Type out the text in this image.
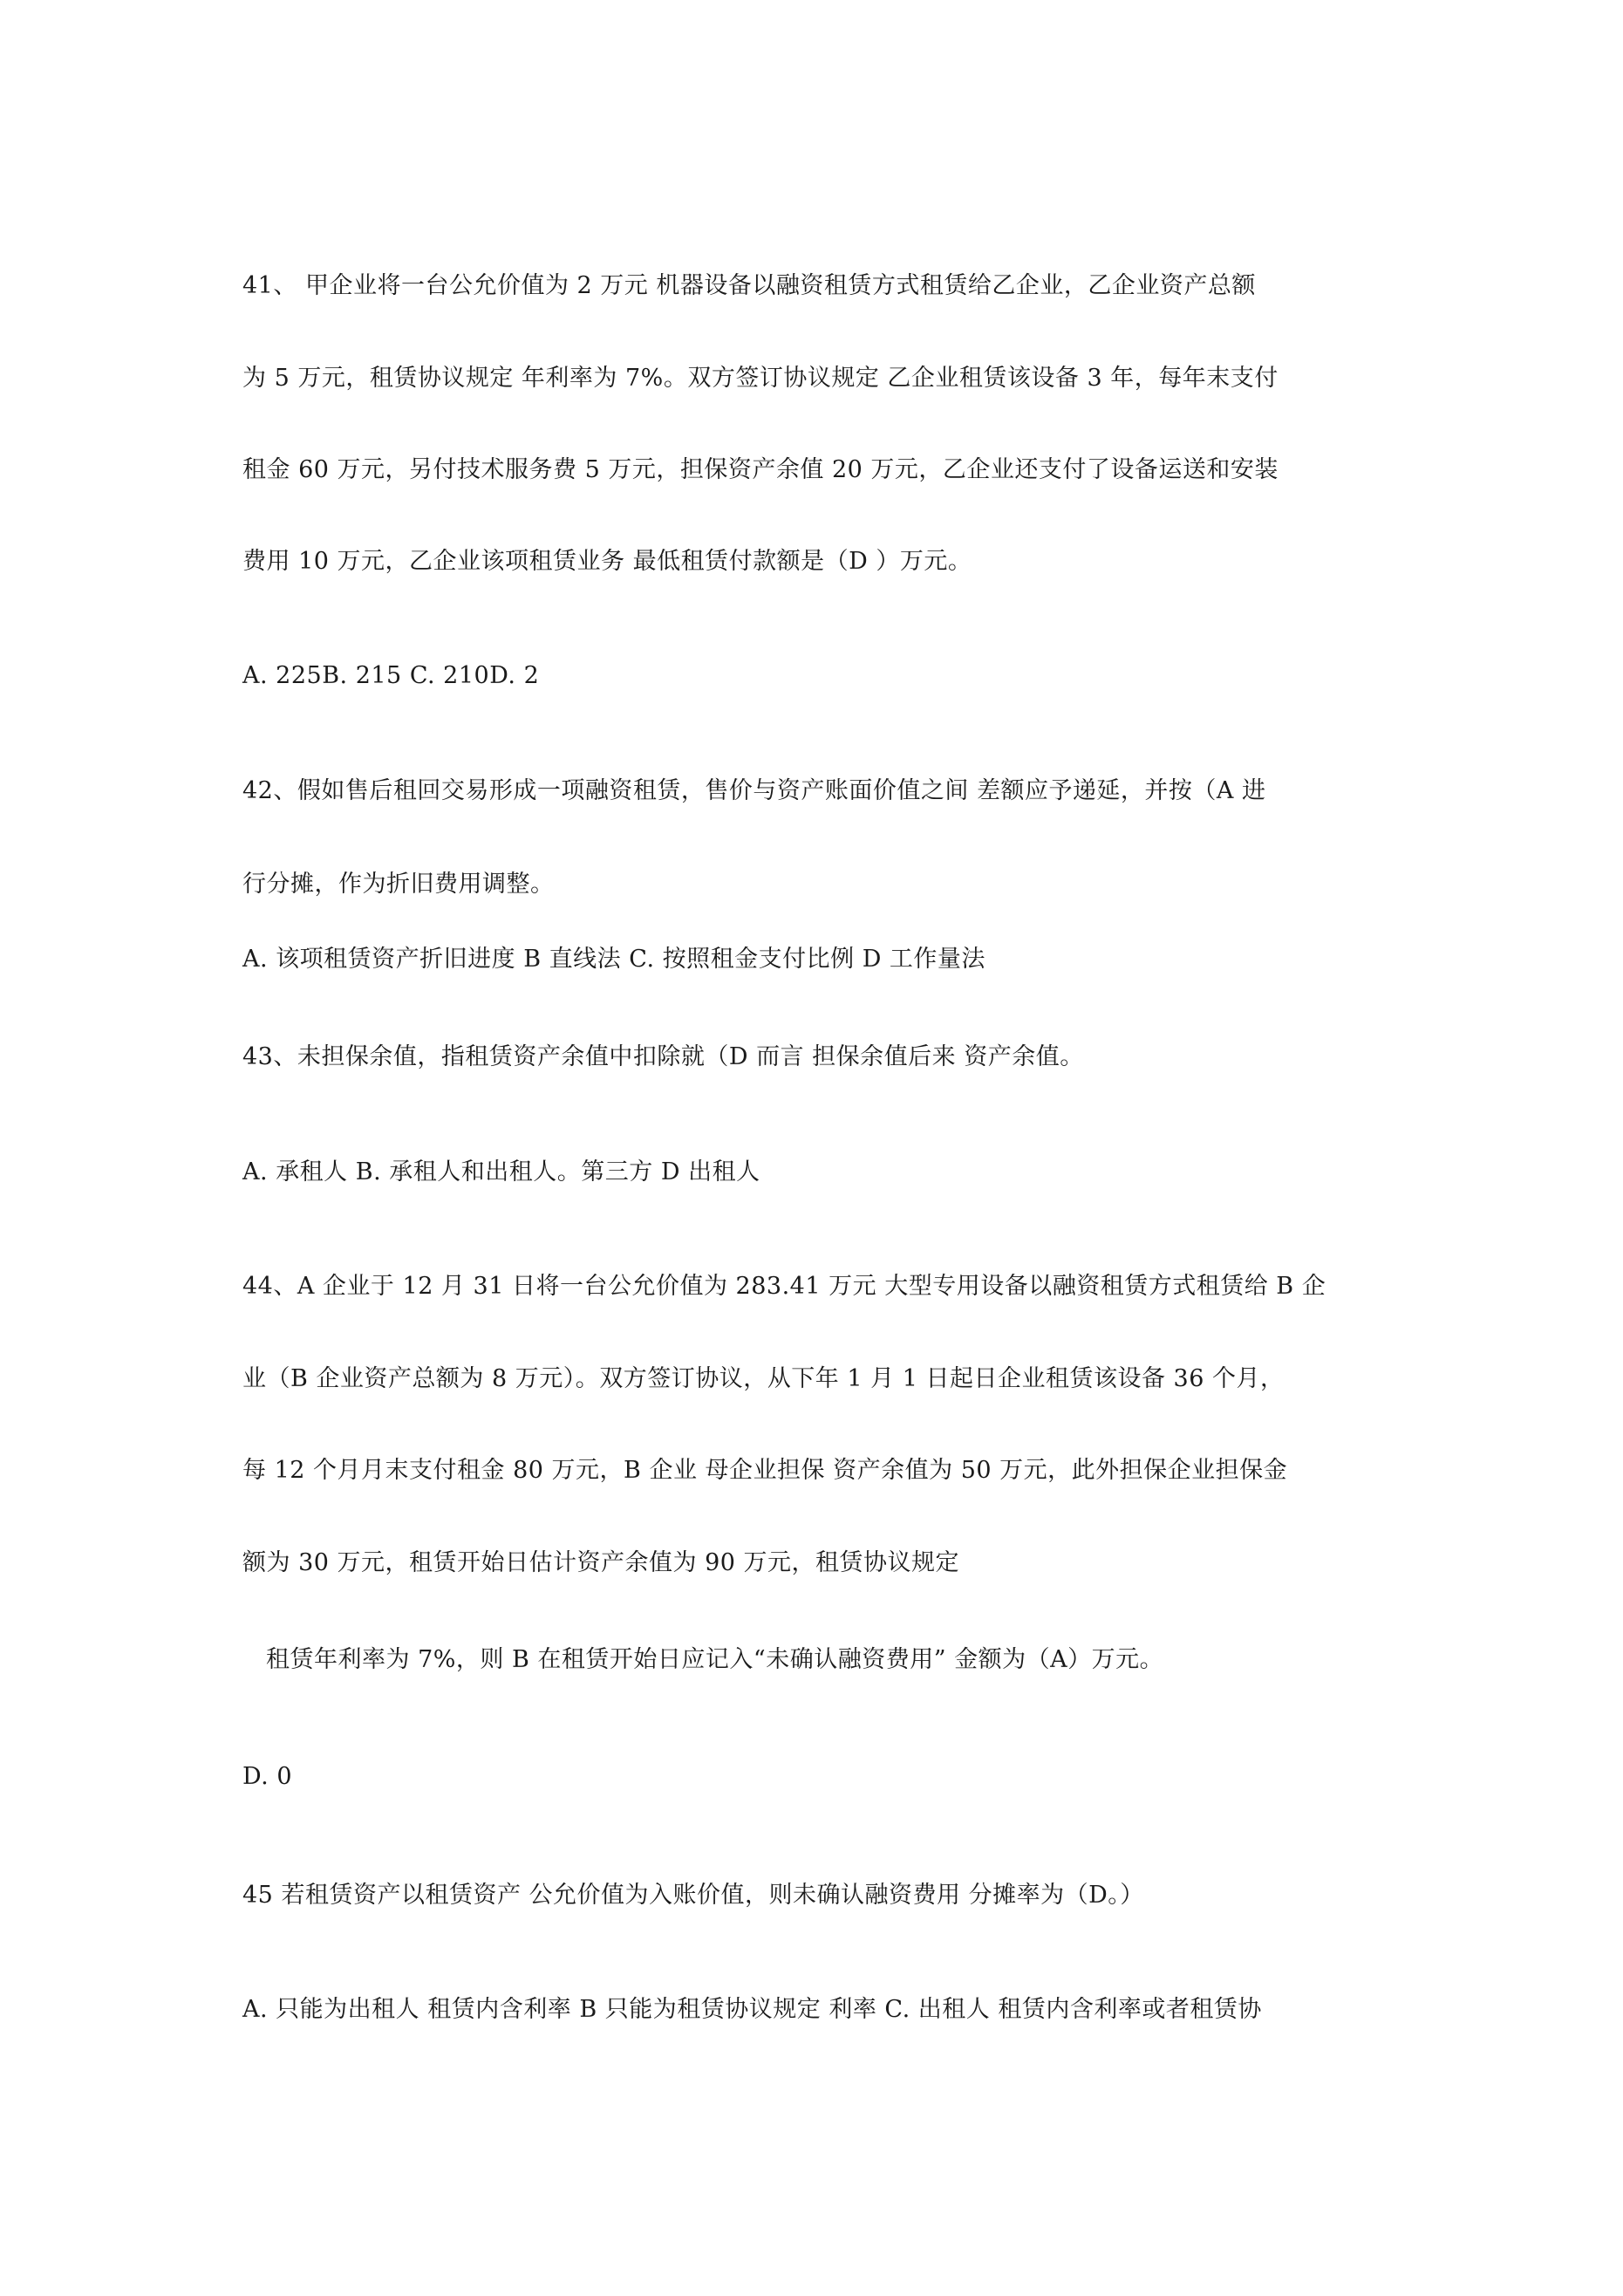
41、 甲企业将一台公允价值为 2 万元 机器设备以融资租赁方式租赁给乙企业，乙企业资产总额
为 5 万元，租赁协议规定 年利率为 7%。双方签订协议规定 乙企业租赁该设备 3 年，每年末支付
租金 60 万元，另付技术服务费 5 万元，担保资产余值 20 万元，乙企业还支付了设备运送和安装
费用 10 万元，乙企业该项租赁业务 最低租赁付款额是（D ）万元。
A. 225B. 215 C. 210D. 2
42、假如售后租回交易形成一项融资租赁，售价与资产账面价值之间 差额应予递延，并按（A 进
行分摊，作为折旧费用调整。
A. 该项租赁资产折旧进度 B 直线法 C. 按照租金支付比例 D 工作量法
43、未担保余值，指租赁资产余值中扣除就（D 而言 担保余值后来 资产余值。
A. 承租人 B. 承租人和出租人。第三方 D 出租人
44、A 企业于 12 月 31 日将一台公允价值为 283.41 万元 大型专用设备以融资租赁方式租赁给 B 企
业（B 企业资产总额为 8 万元）。双方签订协议，从下年 1 月 1 日起日企业租赁该设备 36 个月，
每 12 个月月末支付租金 80 万元，B 企业 母企业担保 资产余值为 50 万元，此外担保企业担保金
额为 30 万元，租赁开始日估计资产余值为 90 万元，租赁协议规定
租赁年利率为 7%，则 B 在租赁开始日应记入“未确认融资费用” 金额为（A）万元。
D. 0
45 若租赁资产以租赁资产 公允价值为入账价值，则未确认融资费用 分摊率为（D。）
A. 只能为出租人 租赁内含利率 B 只能为租赁协议规定 利率 C. 出租人 租赁内含利率或者租赁协
